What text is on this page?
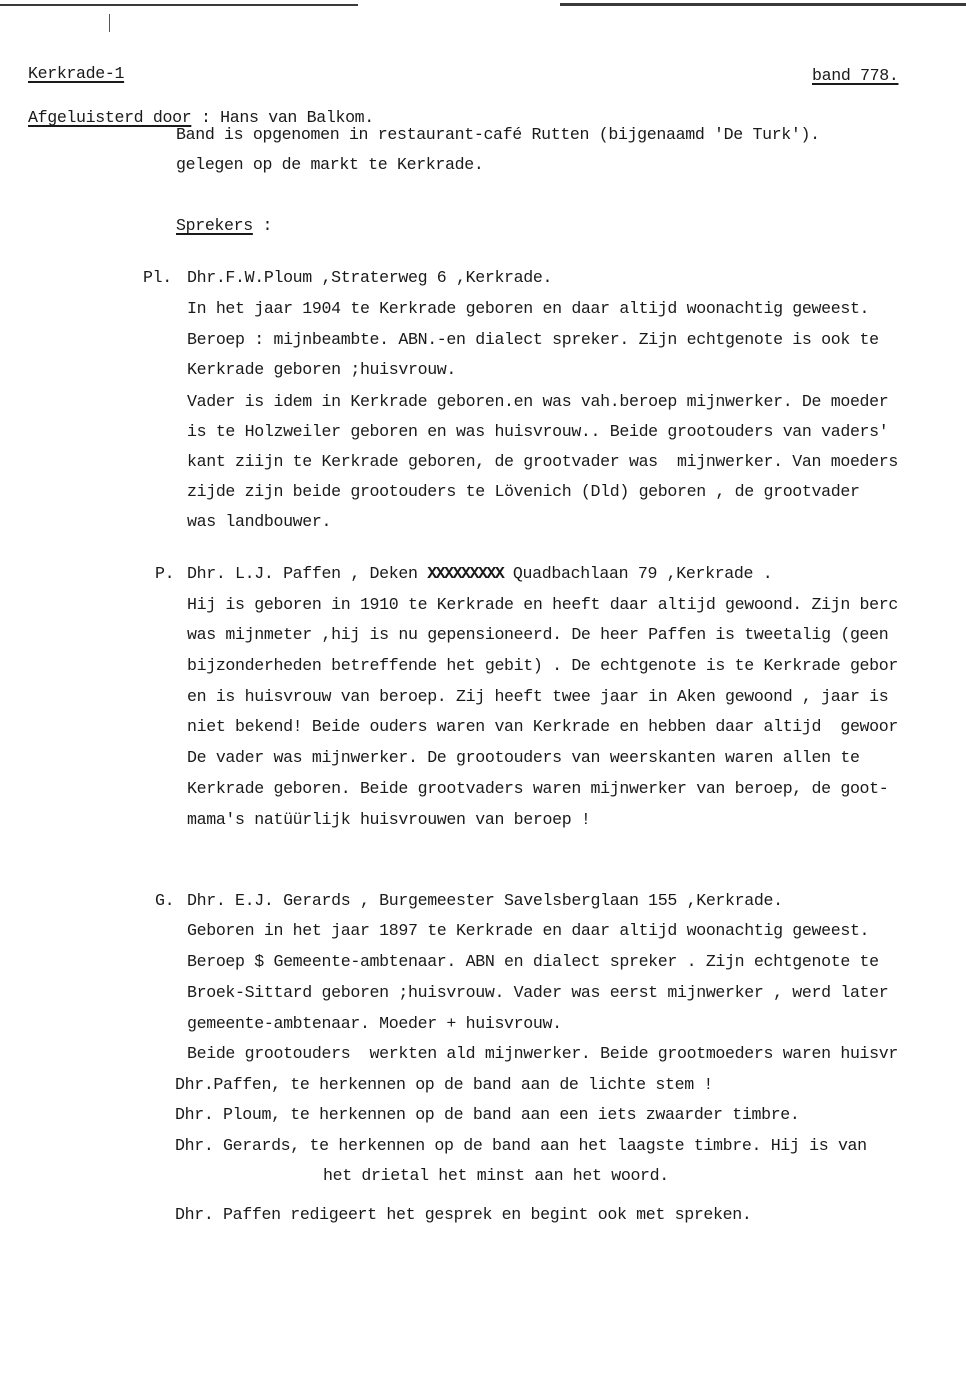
Kerkrade-1	band 778.
Afgeluisterd door : Hans van Balkom.
Band is opgenomen in restaurant-café Rutten (bijgenaamd 'De Turk').
gelegen op de markt te Kerkrade.
Sprekers :
Pl. Dhr.F.W.Ploum ,Straterweg 6 ,Kerkrade.
In het jaar 1904 te Kerkrade geboren en daar altijd woonachtig geweest.
Beroep : mijnbeambte. ABN.-en dialect spreker. Zijn echtgenote is ook te
Kerkrade geboren ;huisvrouw.
Vader is idem in Kerkrade geboren.en was vah.beroep mijnwerker. De moeder
is te Holzweiler geboren en was huisvrouw.. Beide grootouders van vaders'
kant ziijn te Kerkrade geboren, de grootvader was  mijnwerker. Van moeders
zijde zijn beide grootouders te Lövenich (Dld) geboren , de grootvader
was landbouwer.
P. Dhr. L.J. Paffen , Deken XXXXXXXXX Quadbachlaan 79 ,Kerkrade .
Hij is geboren in 1910 te Kerkrade en heeft daar altijd gewoond. Zijn berc
was mijnmeter ,hij is nu gepensioneerd. De heer Paffen is tweetalig (geen
bijzonderheden betreffende het gebit) . De echtgenote is te Kerkrade gebor
en is huisvrouw van beroep. Zij heeft twee jaar in Aken gewoond , jaar is
niet bekend! Beide ouders waren van Kerkrade en hebben daar altijd  gewoor
De vader was mijnwerker. De grootouders van weerskanten waren allen te
Kerkrade geboren. Beide grootvaders waren mijnwerker van beroep, de goot-
mama's natüürlijk huisvrouwen van beroep !
G. Dhr. E.J. Gerards , Burgemeester Savelsberglaan 155 ,Kerkrade.
Geboren in het jaar 1897 te Kerkrade en daar altijd woonachtig geweest.
Beroep $ Gemeente-ambtenaar. ABN en dialect spreker . Zijn echtgenote te
Broek-Sittard geboren ;huisvrouw. Vader was eerst mijnwerker , werd later
gemeente-ambtenaar. Moeder + huisvrouw.
Beide grootouders  werkten ald mijnwerker. Beide grootmoeders waren huisvr
Dhr.Paffen, te herkennen op de band aan de lichte stem !
Dhr. Ploum, te herkennen op de band aan een iets zwaarder timbre.
Dhr. Gerards, te herkennen op de band aan het laagste timbre. Hij is van
het drietal het minst aan het woord.
Dhr. Paffen redigeert het gesprek en begint ook met spreken.
